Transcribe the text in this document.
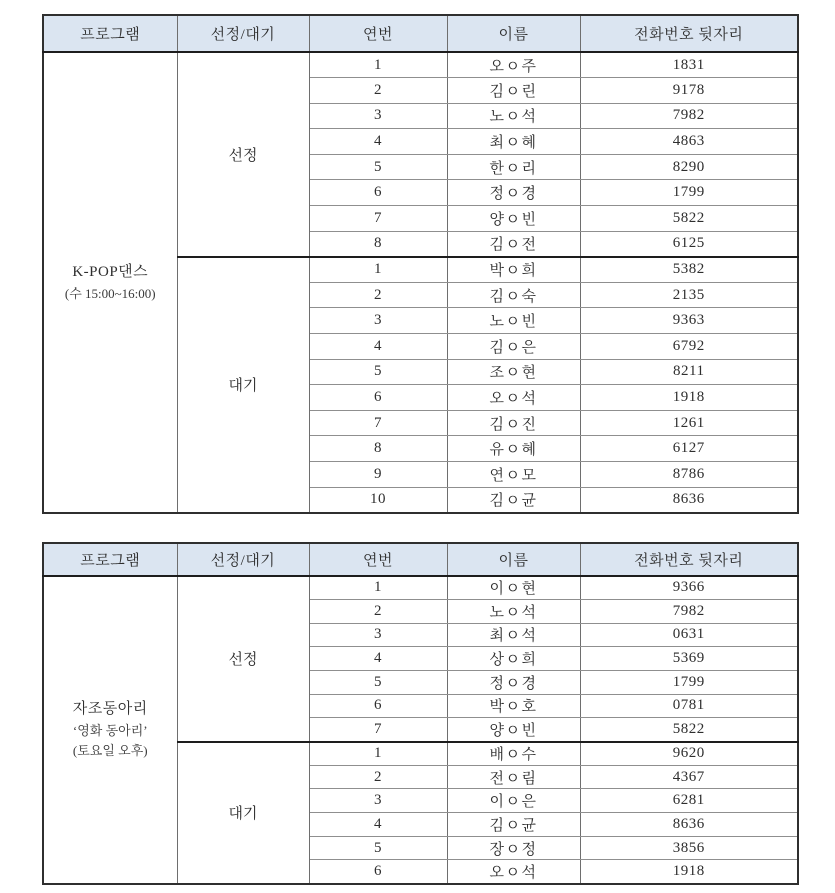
프로그램	선정/대기	연번	이름	전화번호 뒷자리

K-POP댄스
(수 15:00~16:00)	선정	1	오ㅇ주	1831
		2	김ㅇ린	9178
		3	노ㅇ석	7982
		4	최ㅇ혜	4863
		5	한ㅇ리	8290
		6	정ㅇ경	1799
		7	양ㅇ빈	5822
		8	김ㅇ전	6125
	대기	1	박ㅇ희	5382
		2	김ㅇ숙	2135
		3	노ㅇ빈	9363
		4	김ㅇ은	6792
		5	조ㅇ현	8211
		6	오ㅇ석	1918
		7	김ㅇ진	1261
		8	유ㅇ혜	6127
		9	연ㅇ모	8786
		10	김ㅇ균	8636
프로그램	선정/대기	연번	이름	전화번호 뒷자리

자조동아리
‘영화 동아리’
(토요일 오후)	선정	1	이ㅇ현	9366
		2	노ㅇ석	7982
		3	최ㅇ석	0631
		4	상ㅇ희	5369
		5	정ㅇ경	1799
		6	박ㅇ호	0781
		7	양ㅇ빈	5822
	대기	1	배ㅇ수	9620
		2	전ㅇ림	4367
		3	이ㅇ은	6281
		4	김ㅇ균	8636
		5	장ㅇ정	3856
		6	오ㅇ석	1918
